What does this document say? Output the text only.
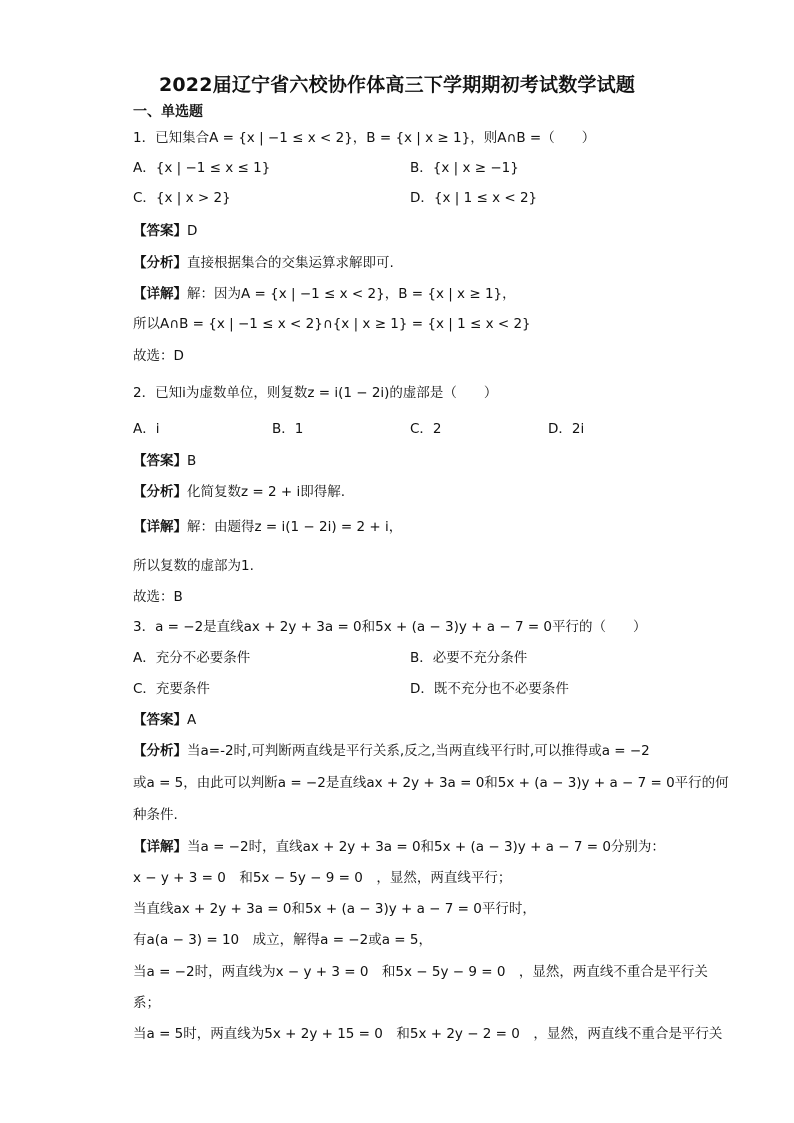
2022届辽宁省六校协作体高三下学期期初考试数学试题
一、单选题
1．已知集合A = {x | −1 ≤ x < 2}，B = {x | x ≥ 1}，则A∩B =（　　）
A．{x | −1 ≤ x ≤ 1}	B．{x | x ≥ −1}
C．{x | x > 2}	D．{x | 1 ≤ x < 2}
【答案】D
【分析】直接根据集合的交集运算求解即可.
【详解】解：因为A = {x | −1 ≤ x < 2}，B = {x | x ≥ 1}，
所以A∩B = {x | −1 ≤ x < 2}∩{x | x ≥ 1} = {x | 1 ≤ x < 2}
故选：D
2．已知i为虚数单位，则复数z = i(1 − 2i)的虚部是（　　）
A．i	B．1	C．2	D．2i
【答案】B
【分析】化简复数z = 2 + i即得解.
【详解】解：由题得z = i(1 − 2i) = 2 + i，
所以复数的虚部为1.
故选：B
3．a = −2是直线ax + 2y + 3a = 0和5x + (a − 3)y + a − 7 = 0平行的（　　）
A．充分不必要条件	B．必要不充分条件
C．充要条件	D．既不充分也不必要条件
【答案】A
【分析】当a=-2时,可判断两直线是平行关系,反之,当两直线平行时,可以推得或a = −2
或a = 5，由此可以判断a = −2是直线ax + 2y + 3a = 0和5x + (a − 3)y + a − 7 = 0平行的何
种条件.
【详解】当a = −2时，直线ax + 2y + 3a = 0和5x + (a − 3)y + a − 7 = 0分别为：
x − y + 3 = 0　和5x − 5y − 9 = 0　，显然，两直线平行；
当直线ax + 2y + 3a = 0和5x + (a − 3)y + a − 7 = 0平行时，
有a(a − 3) = 10　成立，解得a = −2或a = 5，
当a = −2时，两直线为x − y + 3 = 0　和5x − 5y − 9 = 0　，显然，两直线不重合是平行关
系；
当a = 5时，两直线为5x + 2y + 15 = 0　和5x + 2y − 2 = 0　，显然，两直线不重合是平行关
